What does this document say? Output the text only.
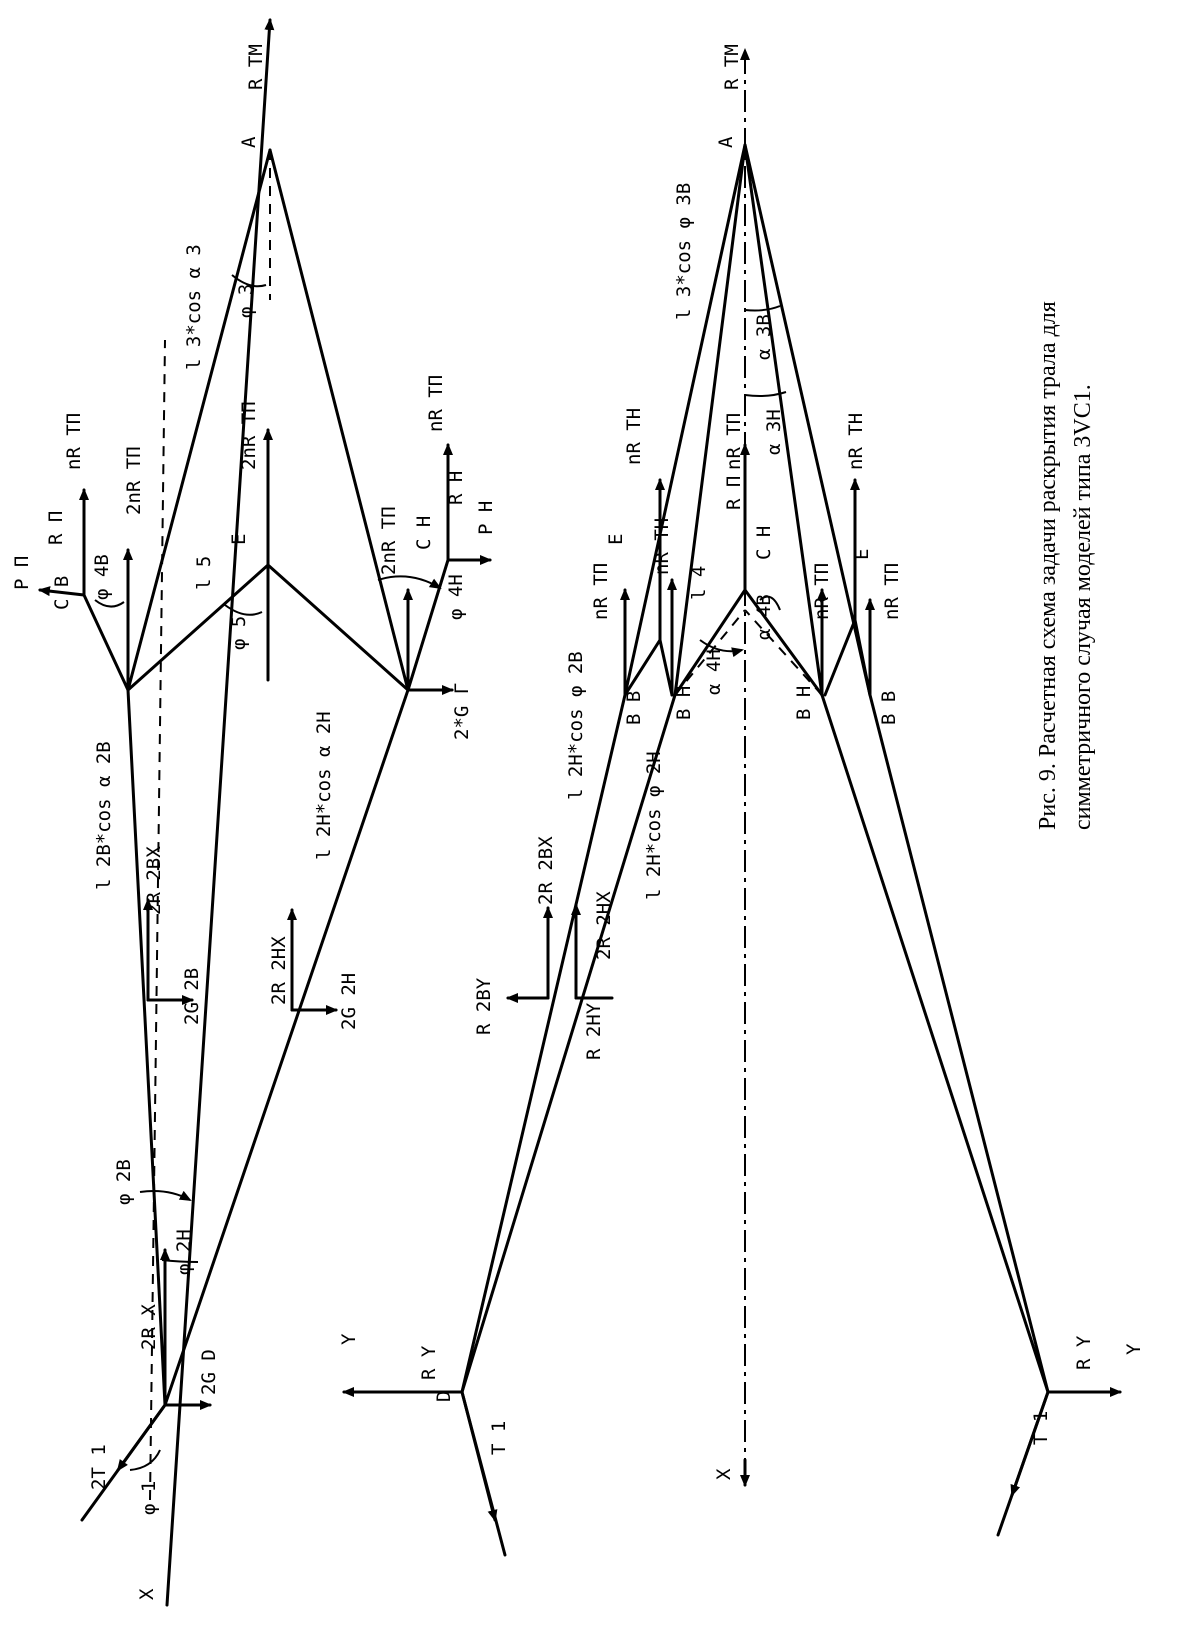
R TM
A
l 3*cos α 3 φ 3
nR TП
R П
2nR TП
2nR TП
E
C B
P П	φ 4B	l 5
φ 5
2nR TП C H
nR TП
R H
P H
φ 4H
2*G Г
l 2B*cos α 2B	l 2H*cos α 2H
2R 2BX
2G 2B	2R 2HX	2G 2H
φ 2B
φ 2H
2R X
2G D
2T 1
φ 1
X
R TM
A
l 3*cos φ 3B
α 3B
α 3H
nR TП
R П
C H
nR TH
nR TH
nR TП
E
B B B H
l 4
α 4H
α 4B
nR TH
nR TП	nR TП
E
B H	B B
l 2H*cos φ 2B
l 2H*cos φ 2H
2R 2BX
2R 2HX
R 2BY	R 2HY
Y
R Y
D
T 1
R Y Y
T 1
X
Рис. 9. Расчетная схема задачи раскрытия трала для симметричного случая моделей типа 3VC1.
